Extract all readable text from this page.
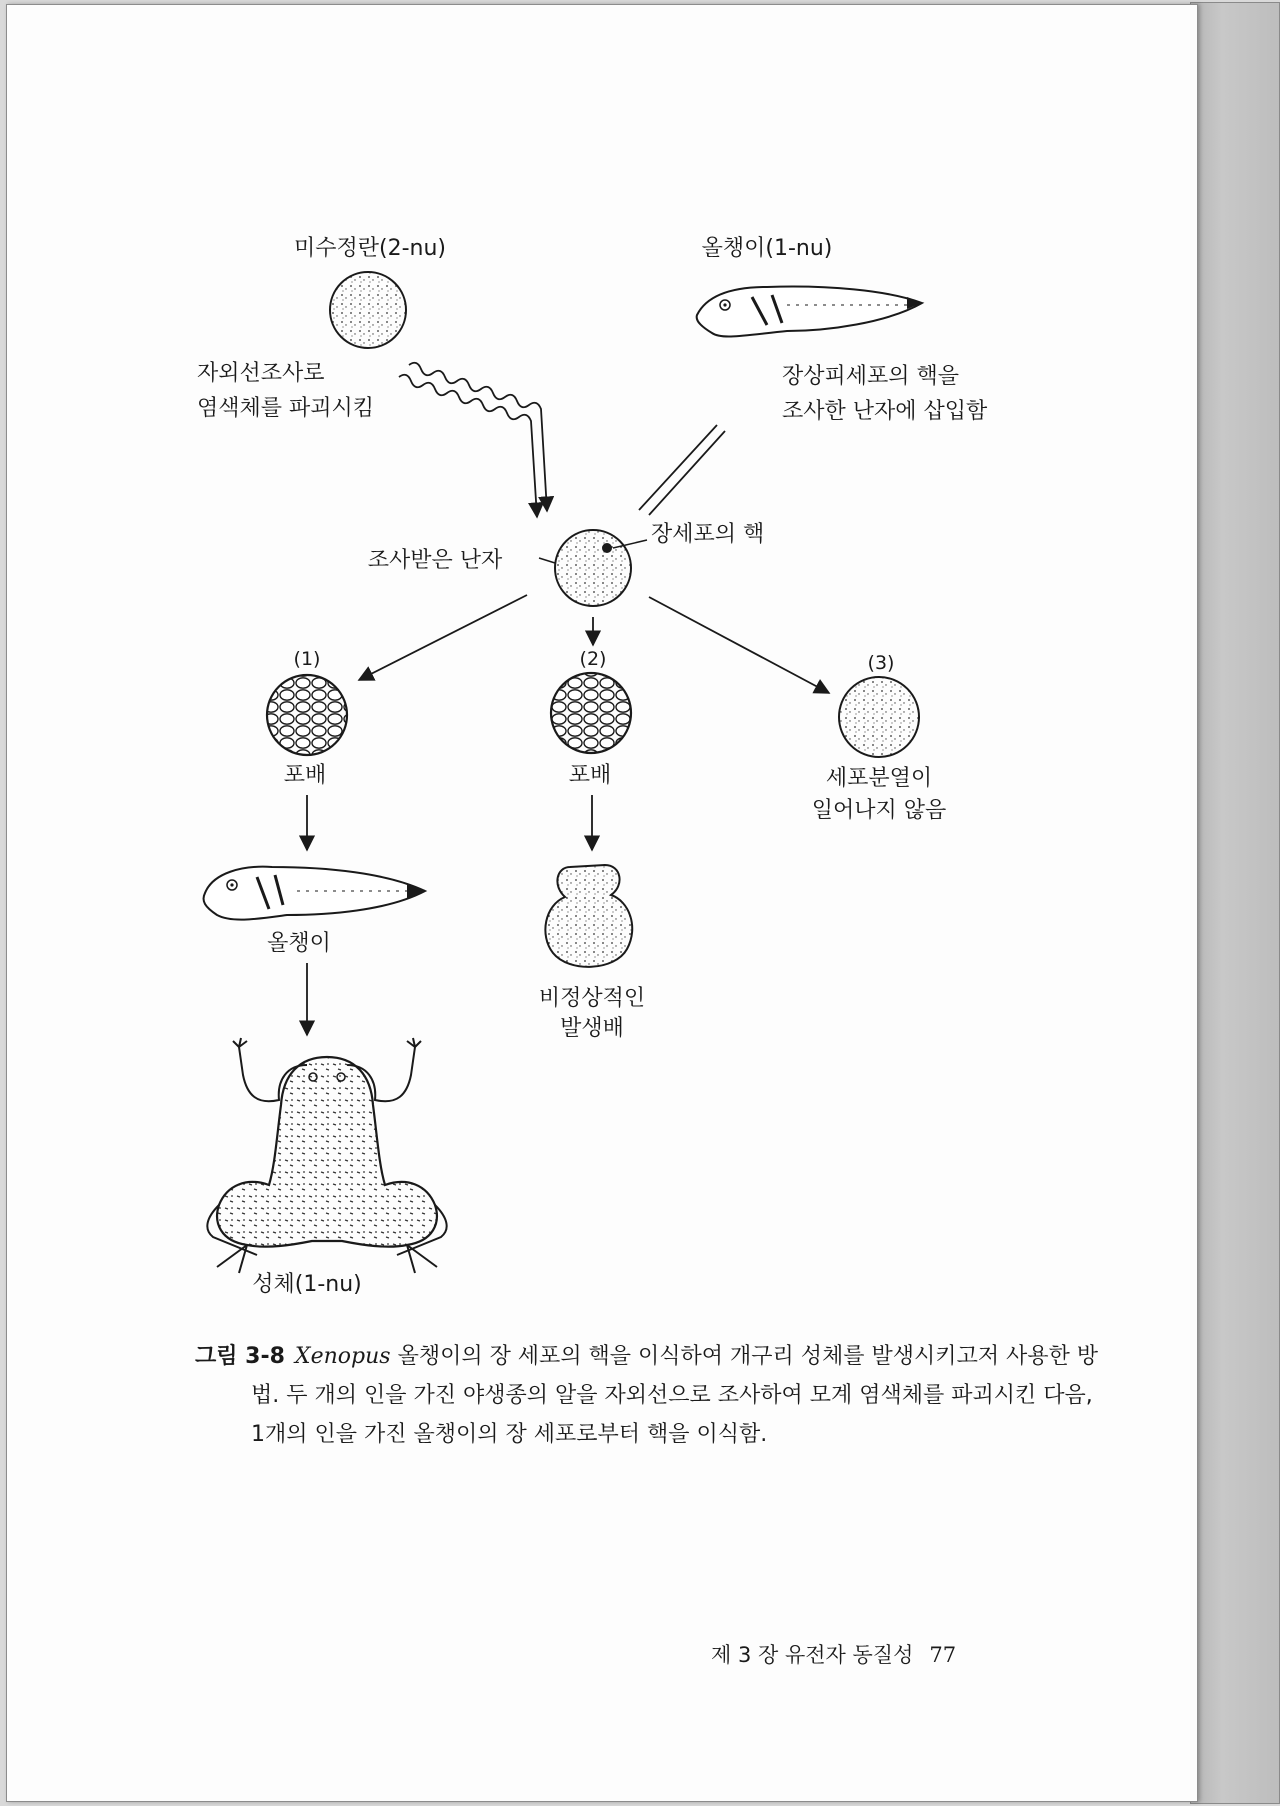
미수정란(2-nu)	올챙이(1-nu)
자외선조사로
염색체를 파괴시킴
장상피세포의 핵을
조사한 난자에 삽입함
조사받은 난자
장세포의 핵
(1)
포배
(2)
포배
(3)
세포분열이
일어나지 않음
올챙이
비정상적인
발생배
성체(1-nu)
그림 3-8 Xenopus 올챙이의 장 세포의 핵을 이식하여 개구리 성체를 발생시키고저 사용한 방법. 두 개의 인을 가진 야생종의 알을 자외선으로 조사하여 모계 염색체를 파괴시킨 다음, 1개의 인을 가진 올챙이의 장 세포로부터 핵을 이식함.
제 3 장 유전자 동질성 77
